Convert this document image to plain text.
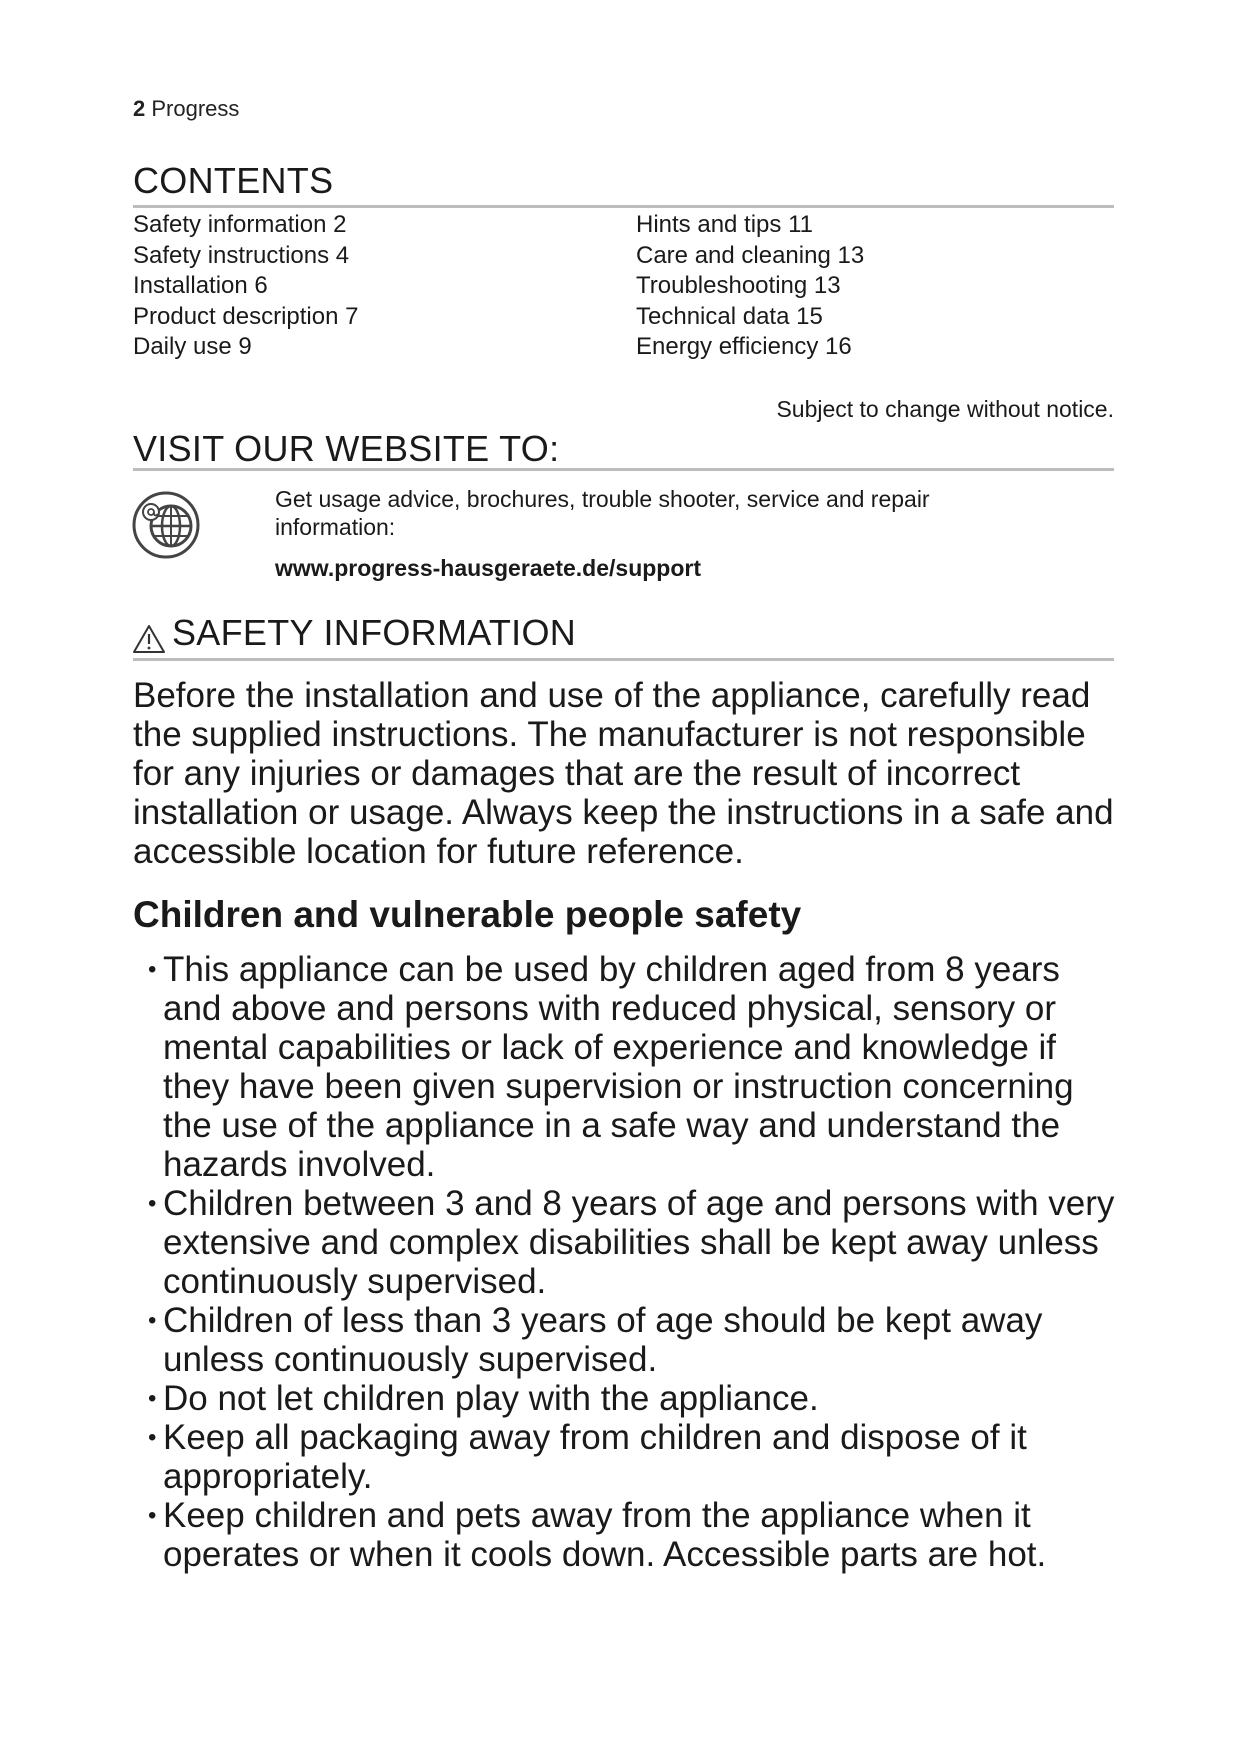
2 Progress
CONTENTS
Safety information 2
Safety instructions 4
Installation 6
Product description 7
Daily use 9
Hints and tips 11
Care and cleaning 13
Troubleshooting 13
Technical data 15
Energy efficiency 16
Subject to change without notice.
VISIT OUR WEBSITE TO:
Get usage advice, brochures, trouble shooter, service and repair information:
www.progress-hausgeraete.de/support
SAFETY INFORMATION
Before the installation and use of the appliance, carefully read the supplied instructions. The manufacturer is not responsible for any injuries or damages that are the result of incorrect installation or usage. Always keep the instructions in a safe and accessible location for future reference.
Children and vulnerable people safety
• This appliance can be used by children aged from 8 years and above and persons with reduced physical, sensory or mental capabilities or lack of experience and knowledge if they have been given supervision or instruction concerning the use of the appliance in a safe way and understand the hazards involved.
• Children between 3 and 8 years of age and persons with very extensive and complex disabilities shall be kept away unless continuously supervised.
• Children of less than 3 years of age should be kept away unless continuously supervised.
• Do not let children play with the appliance.
• Keep all packaging away from children and dispose of it appropriately.
• Keep children and pets away from the appliance when it operates or when it cools down. Accessible parts are hot.
